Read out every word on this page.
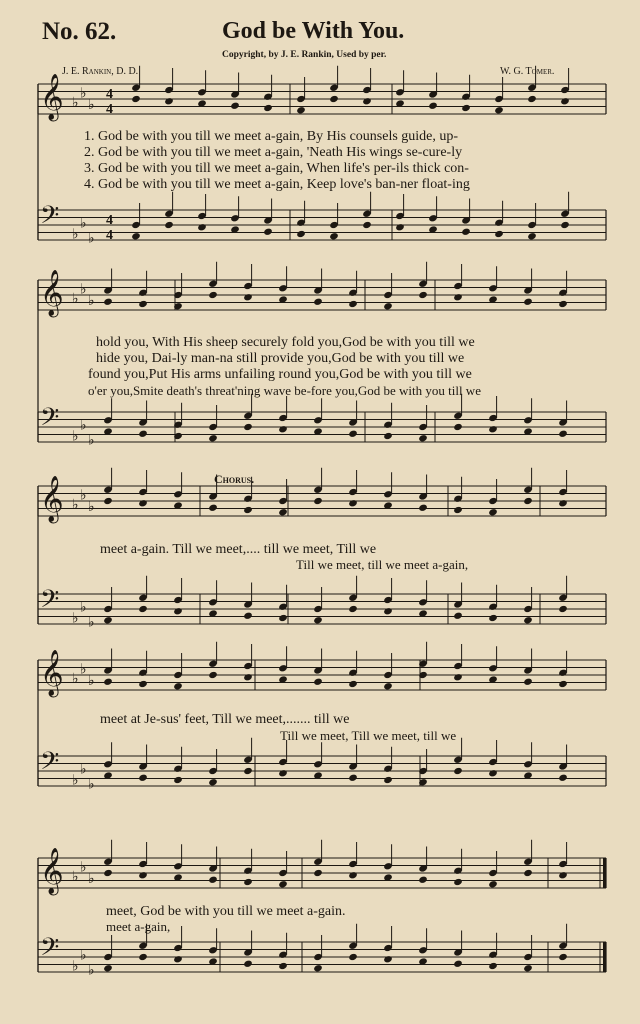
No. 62.	God be With You.
Copyright, by J. E. Rankin, Used by per.
J. E. Rankin, D. D.	W. G. Tomer.
𝄞 ♭
♭
♭
4
4
𝄢 ♭
♭
♭
4
4
𝄞 ♭
♭
♭
𝄢 ♭
♭
♭
𝄞 ♭
♭
♭
𝄢 ♭
♭
♭
𝄞 ♭
♭
♭
𝄢 ♭
♭
♭
𝄞 ♭
♭
♭
𝄢 ♭
♭
♭
1. God be with you till we meet a-gain, By His counsels guide, up-
2. God be with you till we meet a-gain, 'Neath His wings se-cure-ly
3. God be with you till we meet a-gain, When life's per-ils thick con-
4. God be with you till we meet a-gain, Keep love's ban-ner float-ing
hold you, With His sheep securely fold you,God be with you till we
hide you, Dai-ly man-na still provide you,God be with you till we
found you,Put His arms unfailing round you,God be with you till we
o'er you,Smite death's threat'ning wave be-fore you,God be with you till we
Chorus.
meet a-gain. Till we meet,.... till we meet, Till we
Till we meet, till we meet a-gain,
meet at Je-sus' feet, Till we meet,....... till we
Till we meet, Till we meet, till we
meet, God be with you till we meet a-gain.
meet a-gain,
